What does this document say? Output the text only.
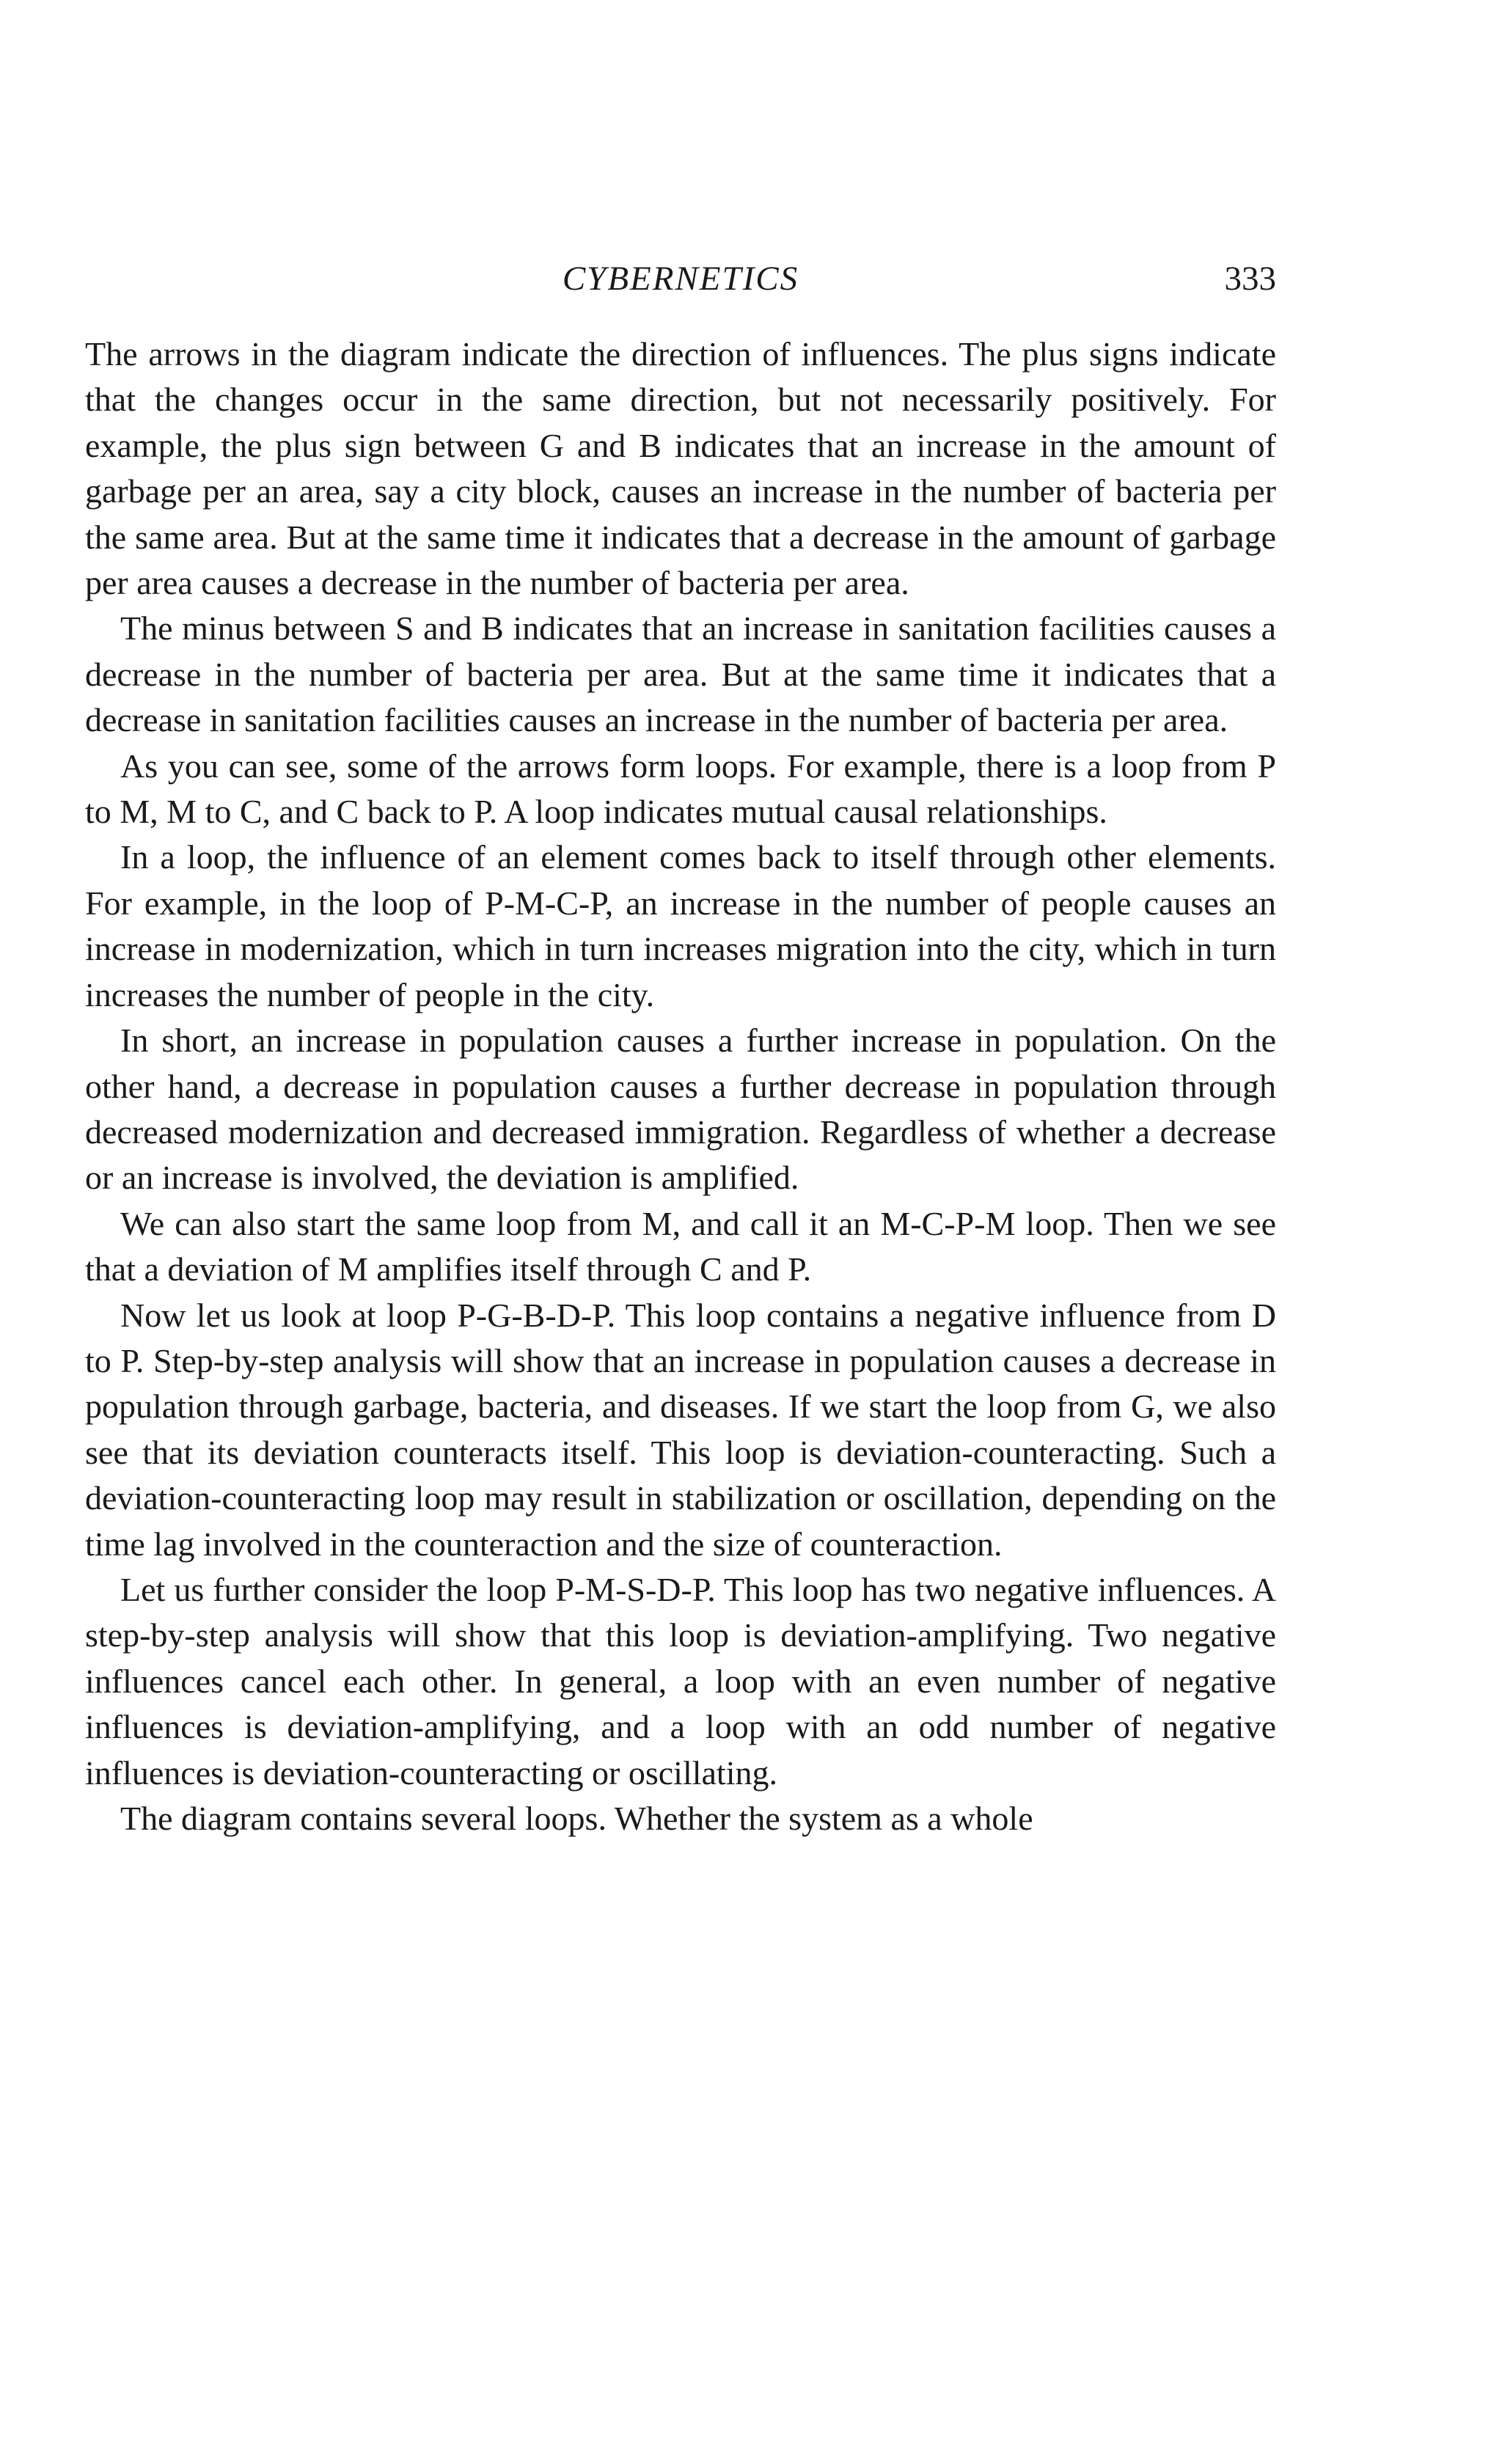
CYBERNETICS	333

The arrows in the diagram indicate the direction of influences. The plus signs indicate that the changes occur in the same direction, but not necessarily positively. For example, the plus sign between G and B indicates that an increase in the amount of garbage per an area, say a city block, causes an increase in the number of bacteria per the same area. But at the same time it indicates that a decrease in the amount of garbage per area causes a decrease in the number of bacteria per area.

The minus between S and B indicates that an increase in sanitation facilities causes a decrease in the number of bacteria per area. But at the same time it indicates that a decrease in sanitation facilities causes an increase in the number of bacteria per area.

As you can see, some of the arrows form loops. For example, there is a loop from P to M, M to C, and C back to P. A loop indicates mutual causal relationships.

In a loop, the influence of an element comes back to itself through other elements. For example, in the loop of P-M-C-P, an increase in the number of people causes an increase in modernization, which in turn increases migration into the city, which in turn increases the number of people in the city.

In short, an increase in population causes a further increase in population. On the other hand, a decrease in population causes a further decrease in population through decreased modernization and decreased immigration. Regardless of whether a decrease or an increase is involved, the deviation is amplified.

We can also start the same loop from M, and call it an M-C-P-M loop. Then we see that a deviation of M amplifies itself through C and P.

Now let us look at loop P-G-B-D-P. This loop contains a negative influence from D to P. Step-by-step analysis will show that an increase in population causes a decrease in population through garbage, bacteria, and diseases. If we start the loop from G, we also see that its deviation counteracts itself. This loop is deviation-counteracting. Such a deviation-counteracting loop may result in stabilization or oscillation, depending on the time lag involved in the counteraction and the size of counteraction.

Let us further consider the loop P-M-S-D-P. This loop has two negative influences. A step-by-step analysis will show that this loop is deviation-amplifying. Two negative influences cancel each other. In general, a loop with an even number of negative influences is deviation-amplifying, and a loop with an odd number of negative influences is deviation-counteracting or oscillating.

The diagram contains several loops. Whether the system as a whole
